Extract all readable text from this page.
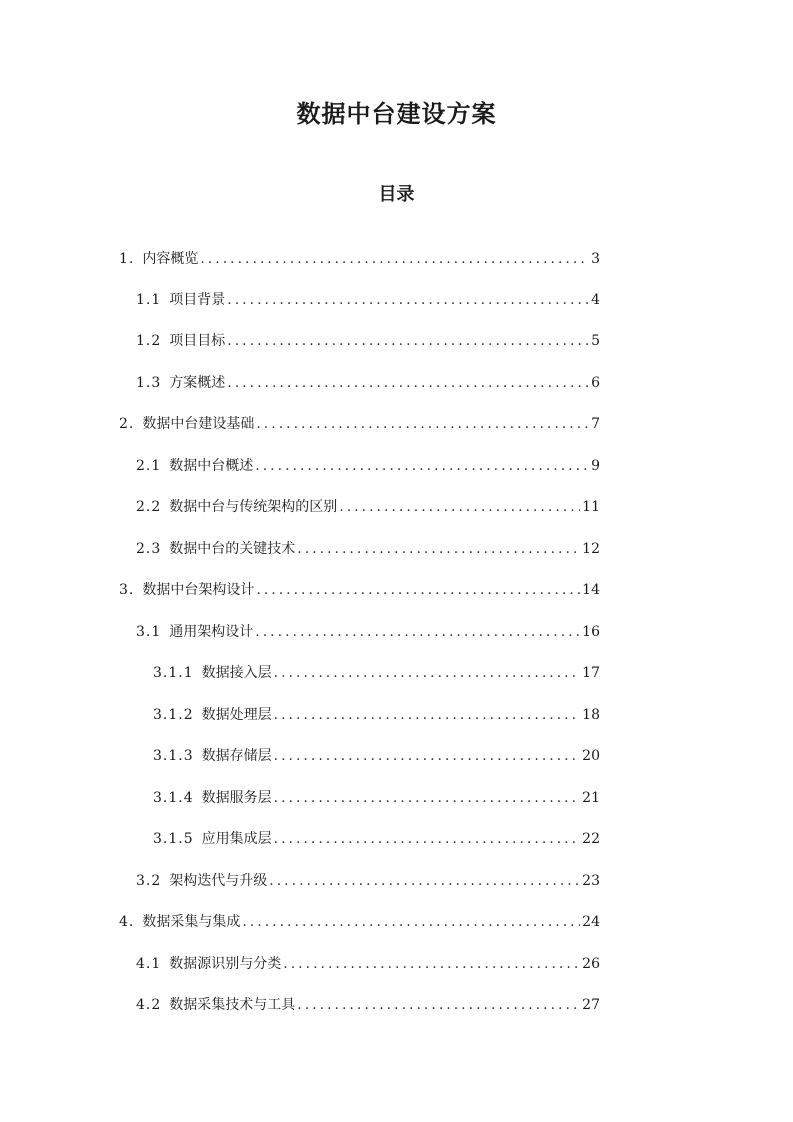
数据中台建设方案
目录
1. 内容概览 .....	3
1.1 项目背景 .....	4
1.2 项目目标 .....	5
1.3 方案概述 .....	6
2. 数据中台建设基础 .....	7
2.1 数据中台概述 .....	9
2.2 数据中台与传统架构的区别 .....	11
2.3 数据中台的关键技术 .....	12
3. 数据中台架构设计 .....	14
3.1 通用架构设计 .....	16
3.1.1 数据接入层 .....	17
3.1.2 数据处理层 .....	18
3.1.3 数据存储层 .....	20
3.1.4 数据服务层 .....	21
3.1.5 应用集成层 .....	22
3.2 架构迭代与升级 .....	23
4. 数据采集与集成 .....	24
4.1 数据源识别与分类 .....	26
4.2 数据采集技术与工具 .....	27
